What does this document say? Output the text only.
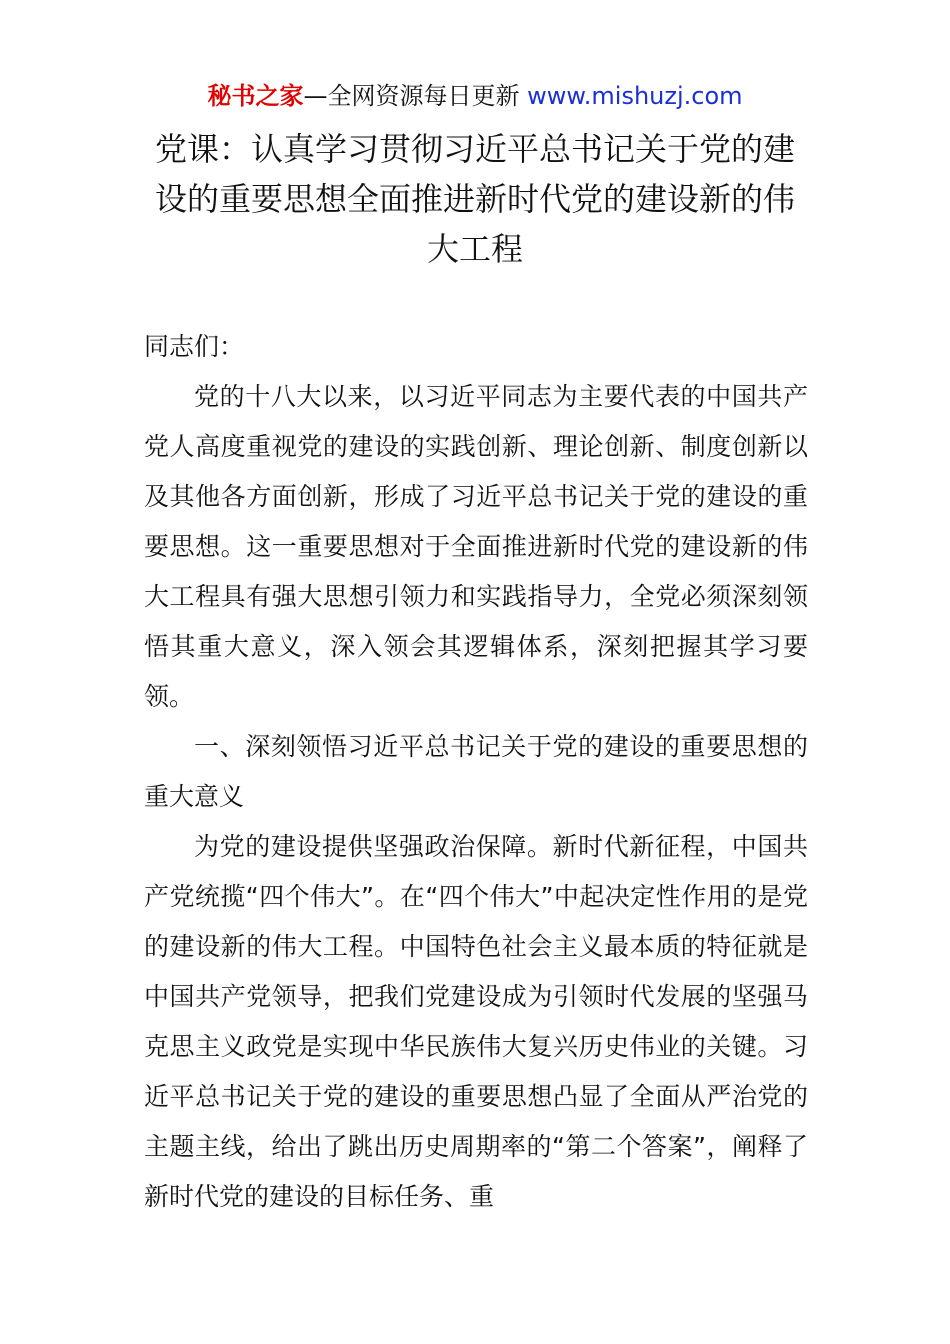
秘书之家—全网资源每日更新 www.mishuzj.com
党课：认真学习贯彻习近平总书记关于党的建设的重要思想全面推进新时代党的建设新的伟大工程

同志们：

党的十八大以来，以习近平同志为主要代表的中国共产党人高度重视党的建设的实践创新、理论创新、制度创新以及其他各方面创新，形成了习近平总书记关于党的建设的重要思想。这一重要思想对于全面推进新时代党的建设新的伟大工程具有强大思想引领力和实践指导力，全党必须深刻领悟其重大意义，深入领会其逻辑体系，深刻把握其学习要领。

一、深刻领悟习近平总书记关于党的建设的重要思想的重大意义

为党的建设提供坚强政治保障。新时代新征程，中国共产党统揽“四个伟大”。在“四个伟大”中起决定性作用的是党的建设新的伟大工程。中国特色社会主义最本质的特征就是中国共产党领导，把我们党建设成为引领时代发展的坚强马克思主义政党是实现中华民族伟大复兴历史伟业的关键。习近平总书记关于党的建设的重要思想凸显了全面从严治党的主题主线，给出了跳出历史周期率的“第二个答案”，阐释了新时代党的建设的目标任务、重
